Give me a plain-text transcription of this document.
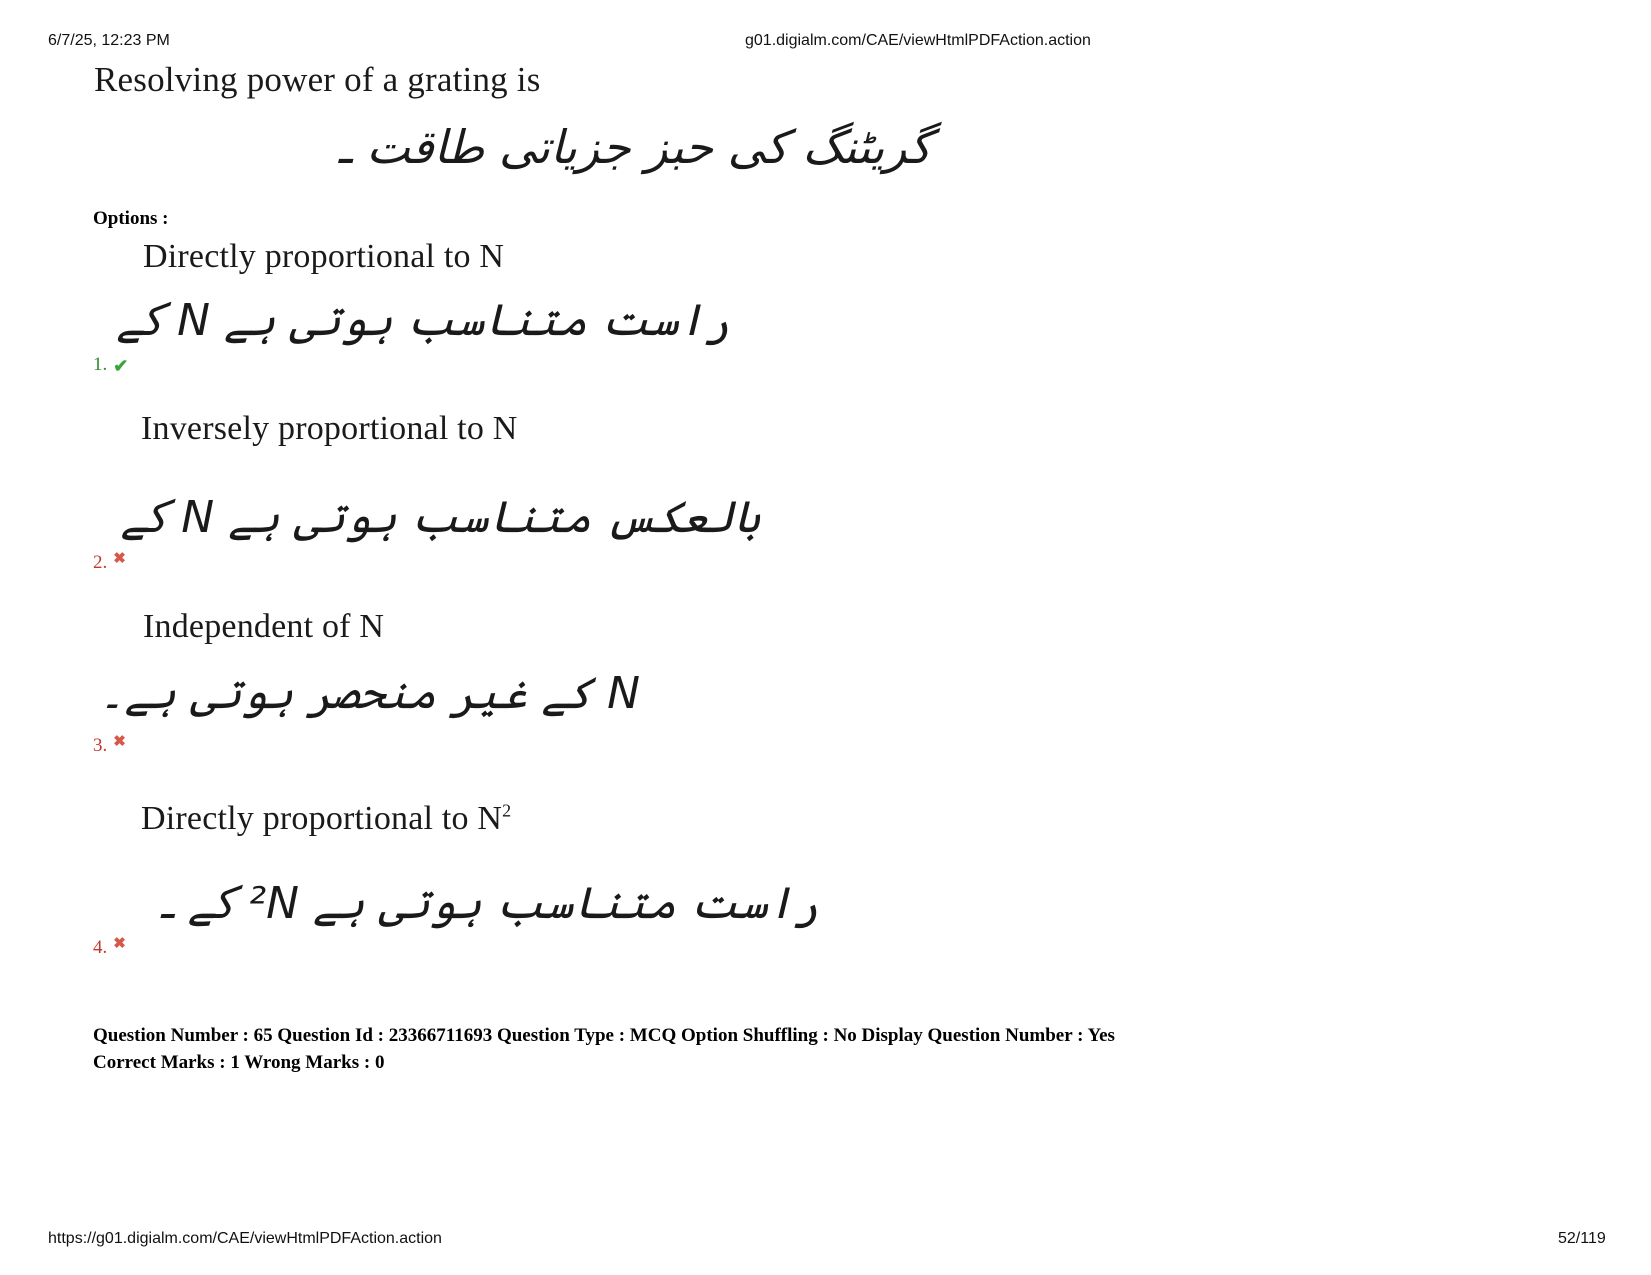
6/7/25, 12:23 PM	g01.digialm.com/CAE/viewHtmlPDFAction.action
Resolving power of a grating is
گریٹنگ کی حبز جزیاتی طاقت ـ
Options :
Directly proportional to N
راست متناسب ہوتی ہے N کے
1. ✔
Inversely proportional to N
بالعکس متناسب ہوتی ہے N کے
2. ✖
Independent of N
N کے غیر منحصر ہوتی ہے۔
3. ✖
Directly proportional to $N^2$
راست متناسب ہوتی ہے N² کے ـ
4. ✖
Question Number : 65 Question Id : 23366711693 Question Type : MCQ Option Shuffling : No Display Question Number : Yes
Correct Marks : 1 Wrong Marks : 0
https://g01.digialm.com/CAE/viewHtmlPDFAction.action	52/119
